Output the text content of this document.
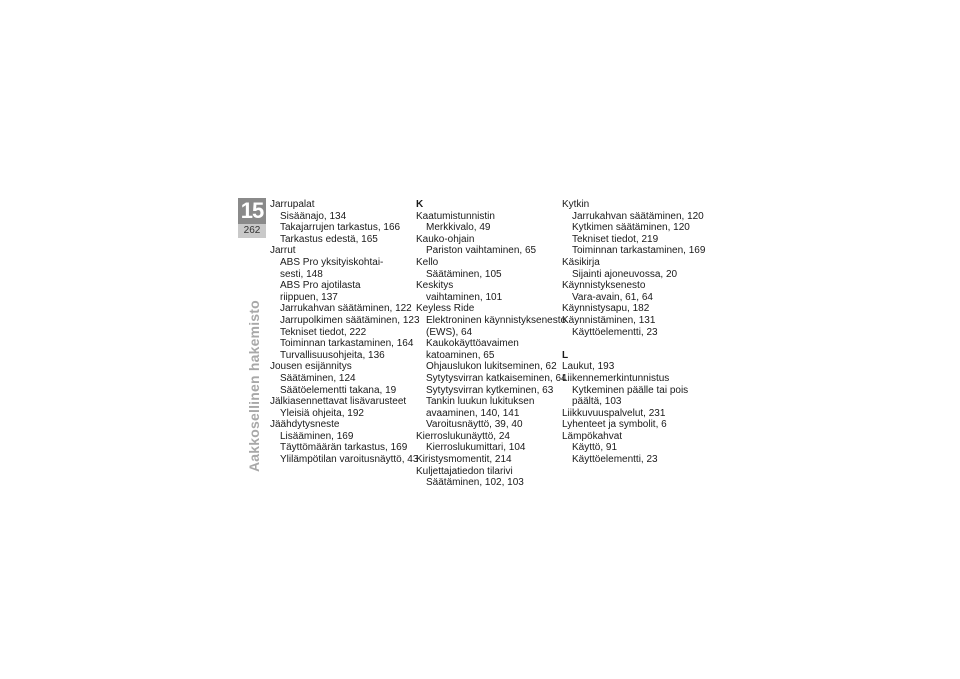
15
262
Aakkosellinen hakemisto
Jarrupalat
Sisäänajo, 134
Takajarrujen tarkastus, 166
Tarkastus edestä, 165
Jarrut
ABS Pro yksityiskohtai-
sesti, 148
ABS Pro ajotilasta
riippuen, 137
Jarrukahvan säätäminen, 122
Jarrupolkimen säätäminen, 123
Tekniset tiedot, 222
Toiminnan tarkastaminen, 164
Turvallisuusohjeita, 136
Jousen esijännitys
Säätäminen, 124
Säätöelementti takana, 19
Jälkiasennettavat lisävarusteet
Yleisiä ohjeita, 192
Jäähdytysneste
Lisääminen, 169
Täyttömäärän tarkastus, 169
Ylilämpötilan varoitusnäyttö, 43
K
Kaatumistunnistin
Merkkivalo, 49
Kauko-ohjain
Pariston vaihtaminen, 65
Kello
Säätäminen, 105
Keskitys
vaihtaminen, 101
Keyless Ride
Elektroninen käynnistyksenesto
(EWS), 64
Kaukokäyttöavaimen
katoaminen, 65
Ohjauslukon lukitseminen, 62
Sytytysvirran katkaiseminen, 64
Sytytysvirran kytkeminen, 63
Tankin luukun lukituksen
avaaminen, 140, 141
Varoitusnäyttö, 39, 40
Kierroslukunäyttö, 24
Kierroslukumittari, 104
Kiristysmomentit, 214
Kuljettajatiedon tilarivi
Säätäminen, 102, 103
Kytkin
Jarrukahvan säätäminen, 120
Kytkimen säätäminen, 120
Tekniset tiedot, 219
Toiminnan tarkastaminen, 169
Käsikirja
Sijainti ajoneuvossa, 20
Käynnistyksenesto
Vara-avain, 61, 64
Käynnistysapu, 182
Käynnistäminen, 131
Käyttöelementti, 23
L
Laukut, 193
Liikennemerkintunnistus
Kytkeminen päälle tai pois
päältä, 103
Liikkuvuuspalvelut, 231
Lyhenteet ja symbolit, 6
Lämpökahvat
Käyttö, 91
Käyttöelementti, 23
